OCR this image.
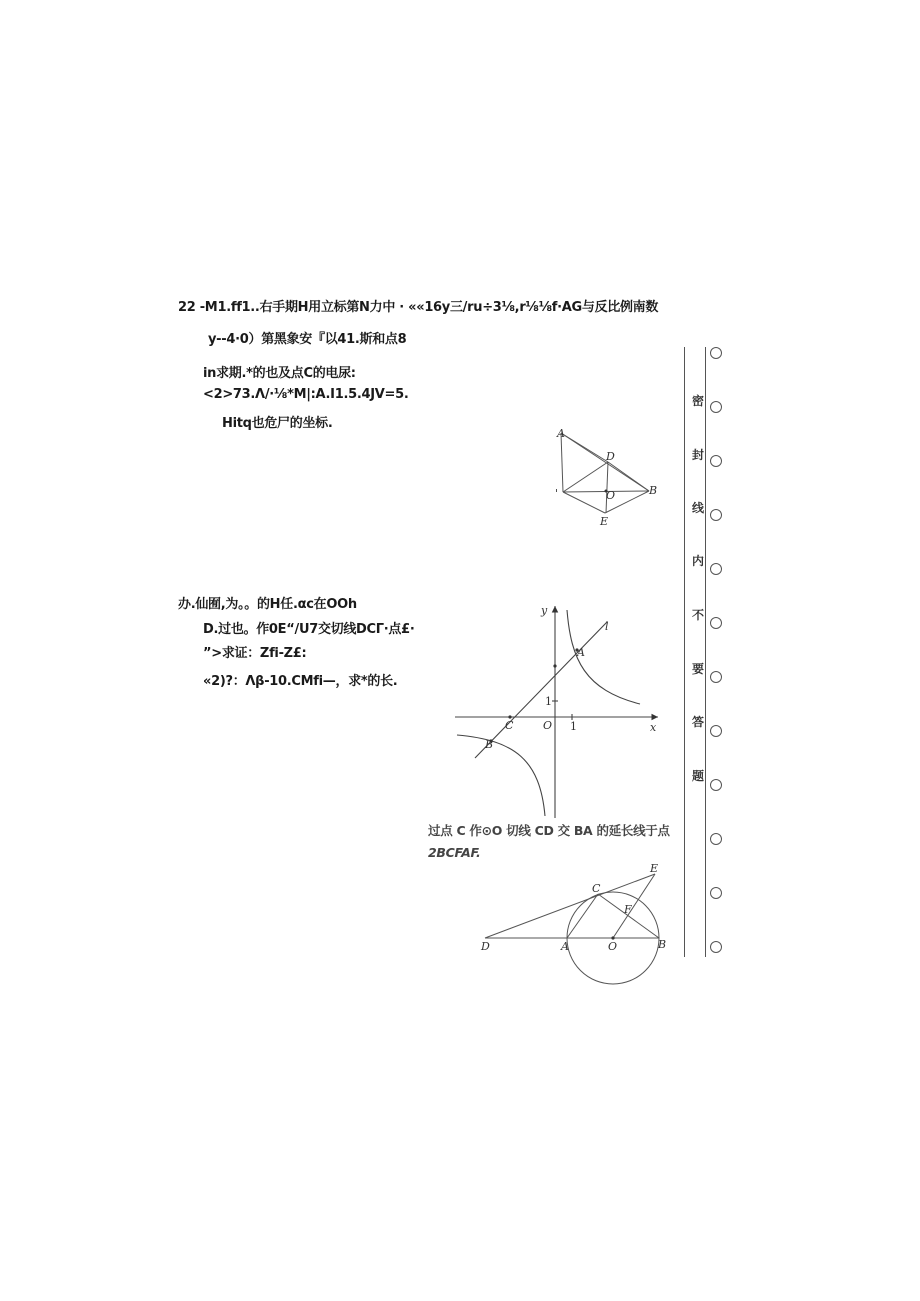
22 -M1.ff1..右手期H用立标第N力中 · ««16y三/ru÷3⅛,r⅛⅛f·AG与反比例南数
y--4·0）第黑象安『以41.斯和点8
in求期.*的也及点C的电尿:
<2>73.Λ/·⅛*M|:A.I1.5.4JV=5.
Hitq也危尸的坐标.
A
D
O	B
E
'
办.仙囿,为。。的H任.αc在OOh
D.过也。作0E“/U7交切线DCΓ·点£·
”>求证：Zfi-Z£:
«2)?：Λβ-10.CMfi—，求*的长.
y
x
l
A
C	O
B
1
1
过点 C 作⊙O 切线 CD 交 BA 的延长线于点
2BCFAF.
E
C
F
D	A	O	B
密
封
线
内
不
要
答
题
